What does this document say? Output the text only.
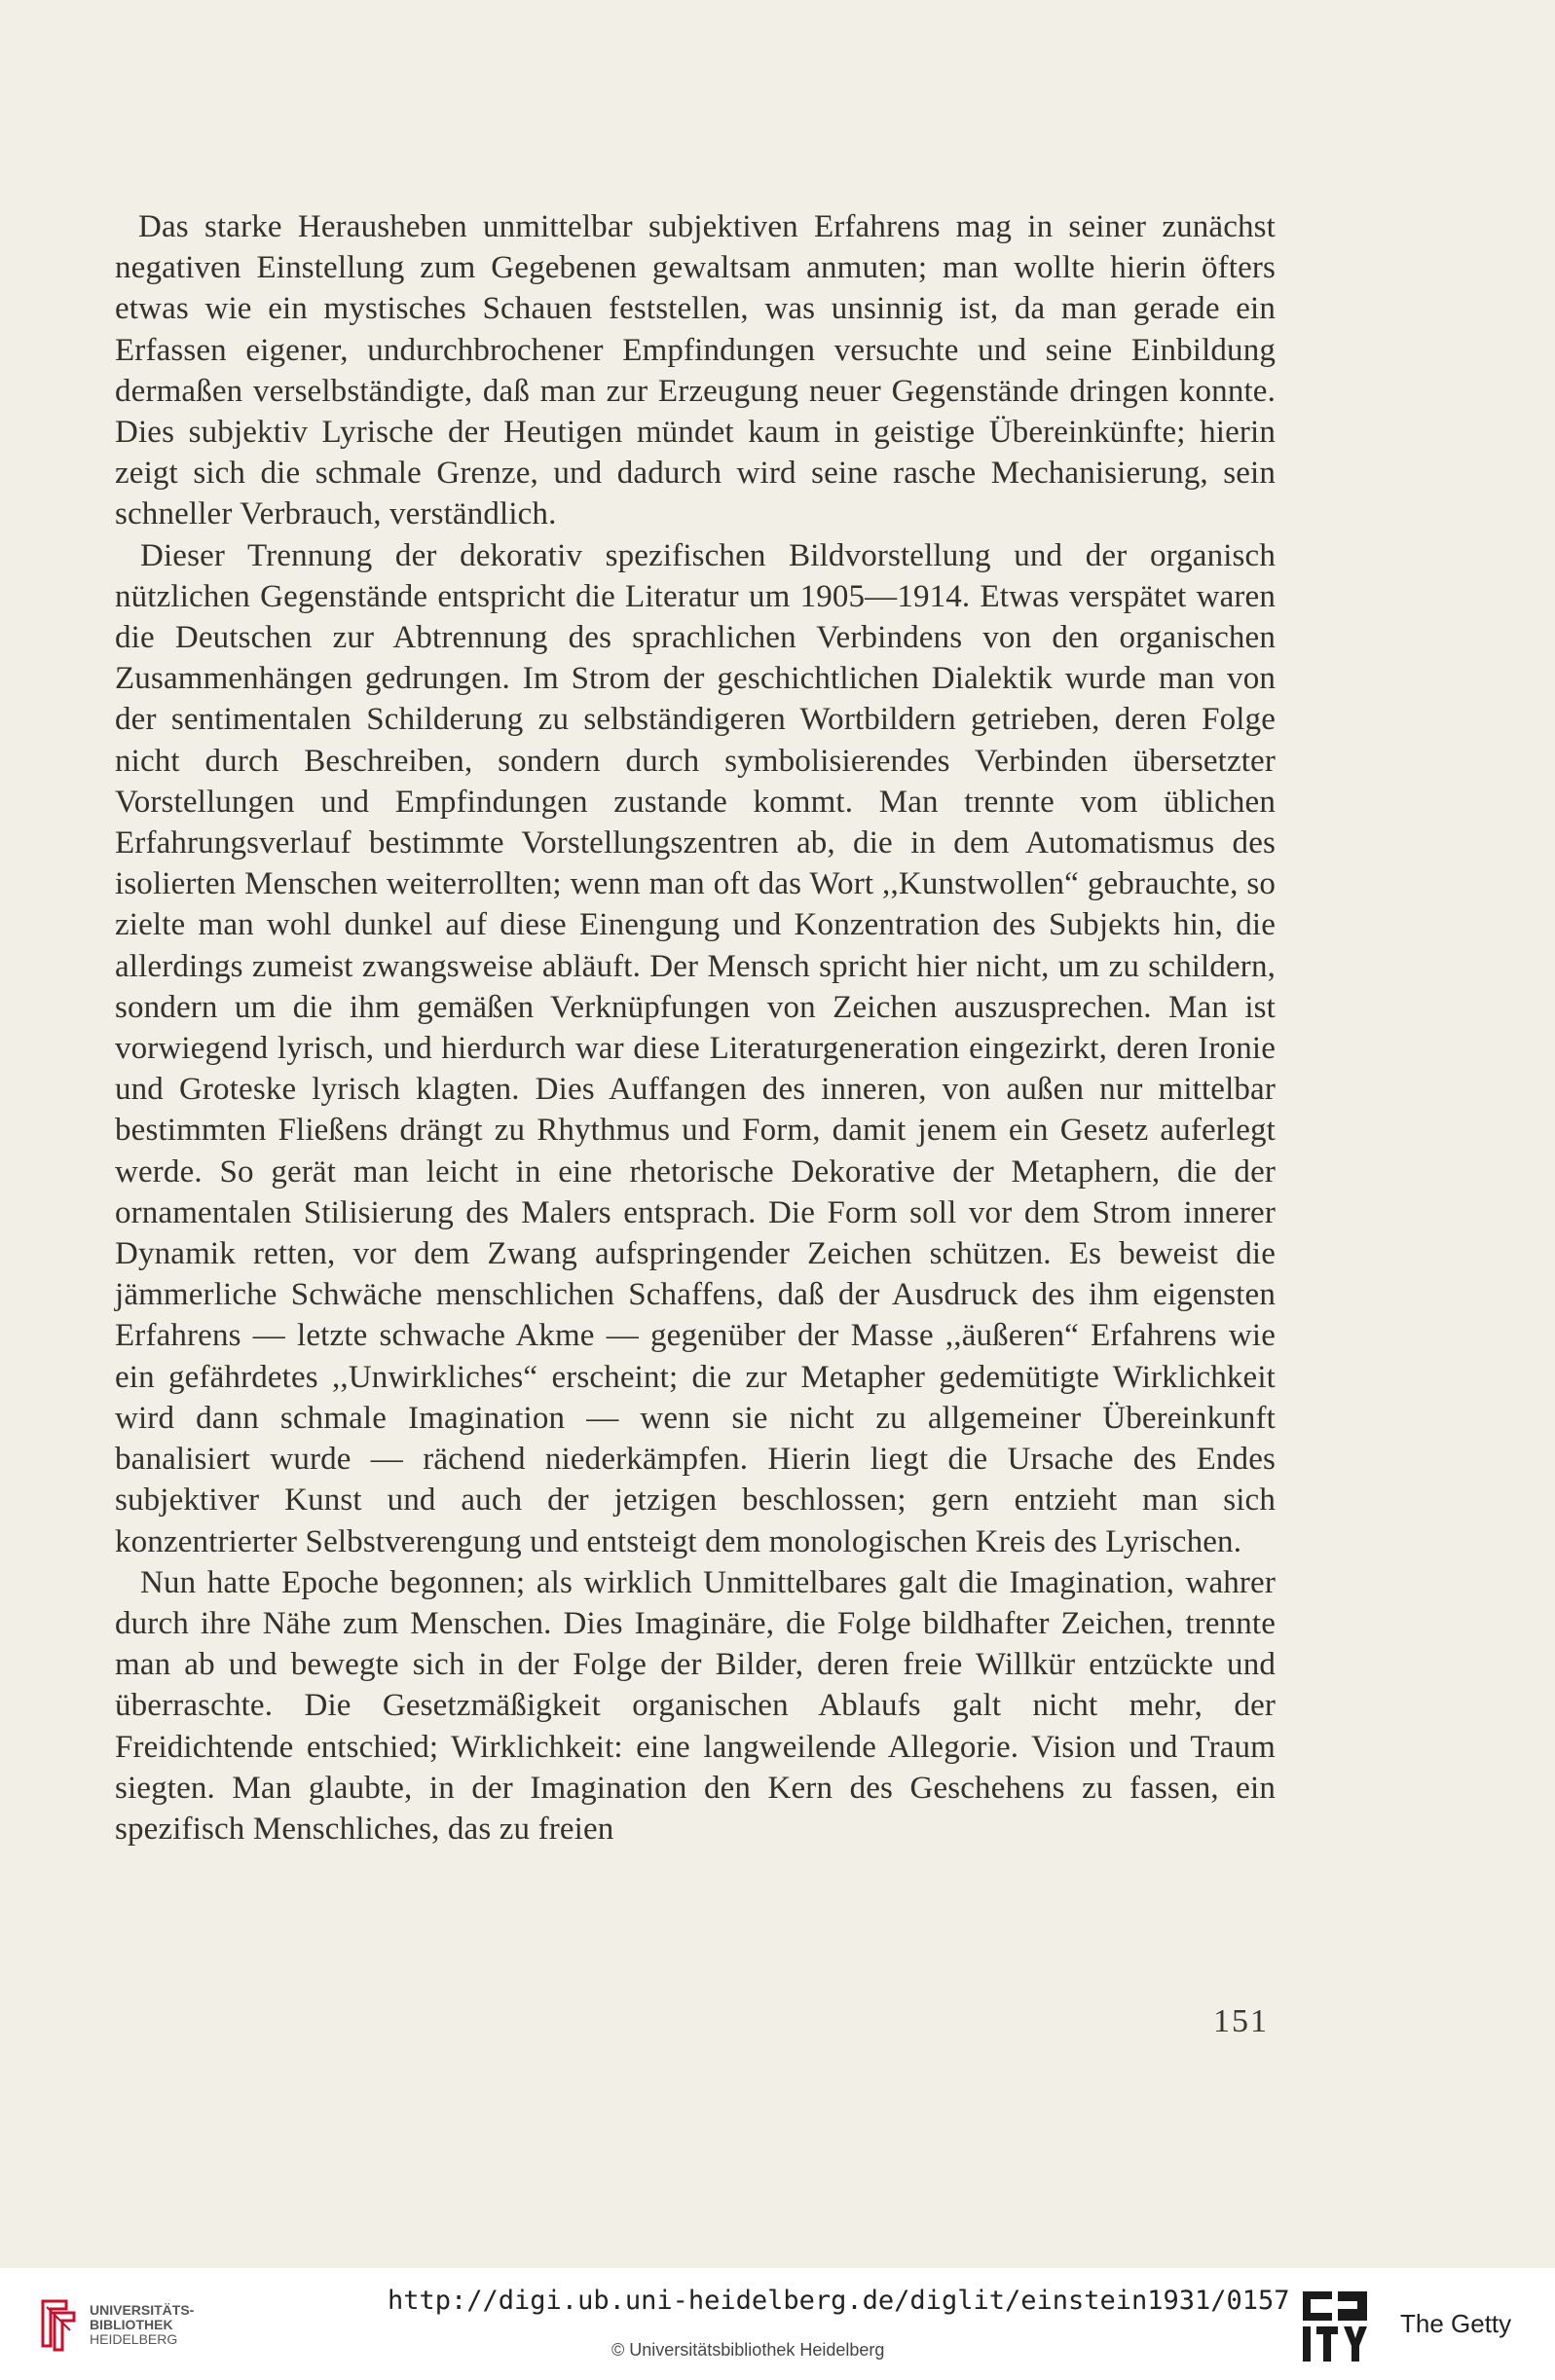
Das starke Herausheben unmittelbar subjektiven Erfahrens mag in seiner zunächst negativen Einstellung zum Gegebenen gewaltsam anmuten; man wollte hierin öfters etwas wie ein mystisches Schauen feststellen, was unsinnig ist, da man gerade ein Erfassen eigener, undurchbrochener Empfindungen versuchte und seine Einbildung dermaßen verselbständigte, daß man zur Erzeugung neuer Gegenstände dringen konnte. Dies subjektiv Lyrische der Heutigen mündet kaum in geistige Übereinkünfte; hierin zeigt sich die schmale Grenze, und dadurch wird seine rasche Mechanisierung, sein schneller Verbrauch, verständlich.

Dieser Trennung der dekorativ spezifischen Bildvorstellung und der organisch nützlichen Gegenstände entspricht die Literatur um 1905—1914. Etwas verspätet waren die Deutschen zur Abtrennung des sprachlichen Verbindens von den organischen Zusammenhängen gedrungen. Im Strom der geschichtlichen Dialektik wurde man von der sentimentalen Schilderung zu selbständigeren Wortbildern getrieben, deren Folge nicht durch Beschreiben, sondern durch symbolisierendes Verbinden übersetzter Vorstellungen und Empfindungen zustande kommt. Man trennte vom üblichen Erfahrungsverlauf bestimmte Vorstellungszentren ab, die in dem Automatismus des isolierten Menschen weiterrollten; wenn man oft das Wort ,,Kunstwollen“ gebrauchte, so zielte man wohl dunkel auf diese Einengung und Konzentration des Subjekts hin, die allerdings zumeist zwangsweise abläuft. Der Mensch spricht hier nicht, um zu schildern, sondern um die ihm gemäßen Verknüpfungen von Zeichen auszusprechen. Man ist vorwiegend lyrisch, und hierdurch war diese Literaturgeneration eingezirkt, deren Ironie und Groteske lyrisch klagten. Dies Auffangen des inneren, von außen nur mittelbar bestimmten Fließens drängt zu Rhythmus und Form, damit jenem ein Gesetz auferlegt werde. So gerät man leicht in eine rhetorische Dekorative der Metaphern, die der ornamentalen Stilisierung des Malers entsprach. Die Form soll vor dem Strom innerer Dynamik retten, vor dem Zwang aufspringender Zeichen schützen. Es beweist die jämmerliche Schwäche menschlichen Schaffens, daß der Ausdruck des ihm eigensten Erfahrens — letzte schwache Akme — gegenüber der Masse ,,äußeren“ Erfahrens wie ein gefährdetes ,,Unwirkliches“ erscheint; die zur Metapher gedemütigte Wirklichkeit wird dann schmale Imagination — wenn sie nicht zu allgemeiner Übereinkunft banalisiert wurde — rächend niederkämpfen. Hierin liegt die Ursache des Endes subjektiver Kunst und auch der jetzigen beschlossen; gern entzieht man sich konzentrierter Selbstverengung und entsteigt dem monologischen Kreis des Lyrischen.

Nun hatte Epoche begonnen; als wirklich Unmittelbares galt die Imagination, wahrer durch ihre Nähe zum Menschen. Dies Imaginäre, die Folge bildhafter Zeichen, trennte man ab und bewegte sich in der Folge der Bilder, deren freie Willkür entzückte und überraschte. Die Gesetzmäßigkeit organischen Ablaufs galt nicht mehr, der Freidichtende entschied; Wirklichkeit: eine langweilende Allegorie. Vision und Traum siegten. Man glaubte, in der Imagination den Kern des Geschehens zu fassen, ein spezifisch Menschliches, das zu freien

151
UNIVERSITÄTS-
BIBLIOTHEK
HEIDELBERG
http://digi.ub.uni-heidelberg.de/diglit/einstein1931/0157
© Universitätsbibliothek Heidelberg
The Getty
